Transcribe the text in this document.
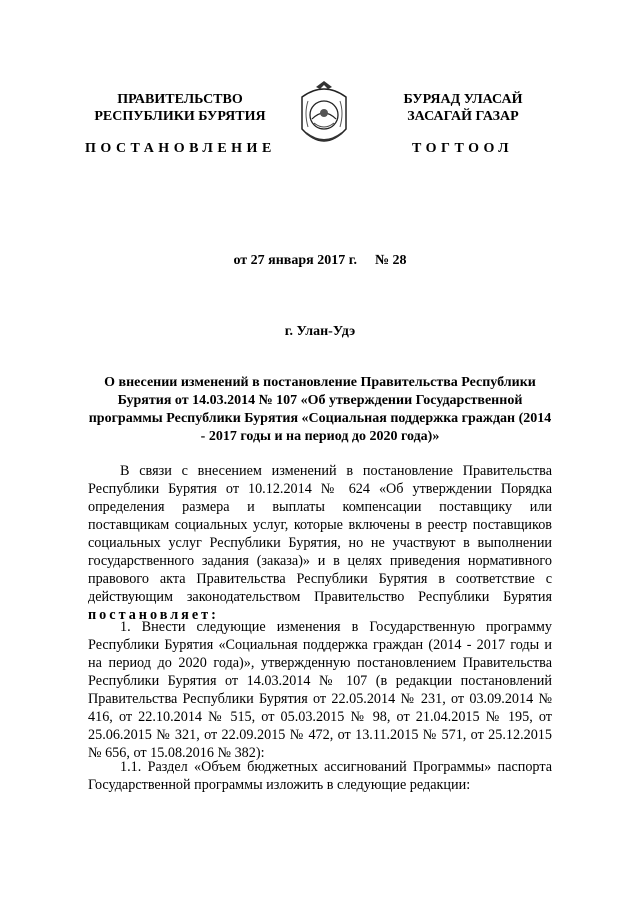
ПРАВИТЕЛЬСТВО
РЕСПУБЛИКИ БУРЯТИЯ
БУРЯАД УЛАСАЙ
ЗАСАГАЙ ГАЗАР
ПОСТАНОВЛЕНИЕ	ТОГТООЛ
от 27 января 2017 г. № 28
г. Улан-Удэ
О внесении изменений в постановление Правительства Республики Бурятия от 14.03.2014 № 107 «Об утверждении Государственной программы Республики Бурятия «Социальная поддержка граждан (2014 - 2017 годы и на период до 2020 года)»

В связи с внесением изменений в постановление Правительства Республики Бурятия от 10.12.2014 № 624 «Об утверждении Порядка определения размера и выплаты компенсации поставщику или поставщикам социальных услуг, которые включены в реестр поставщиков социальных услуг Республики Бурятия, но не участвуют в выполнении государственного задания (заказа)» и в целях приведения нормативного правового акта Правительства Республики Бурятия в соответствие с действующим законодательством Правительство Республики Бурятия постановляет:

1. Внести следующие изменения в Государственную программу Республики Бурятия «Социальная поддержка граждан (2014 - 2017 годы и на период до 2020 года)», утвержденную постановлением Правительства Республики Бурятия от 14.03.2014 № 107 (в редакции постановлений Правительства Республики Бурятия от 22.05.2014 № 231, от 03.09.2014 № 416, от 22.10.2014 № 515, от 05.03.2015 № 98, от 21.04.2015 № 195, от 25.06.2015 № 321, от 22.09.2015 № 472, от 13.11.2015 № 571, от 25.12.2015 № 656, от 15.08.2016 № 382):

1.1. Раздел «Объем бюджетных ассигнований Программы» паспорта Государственной программы изложить в следующие редакции:
